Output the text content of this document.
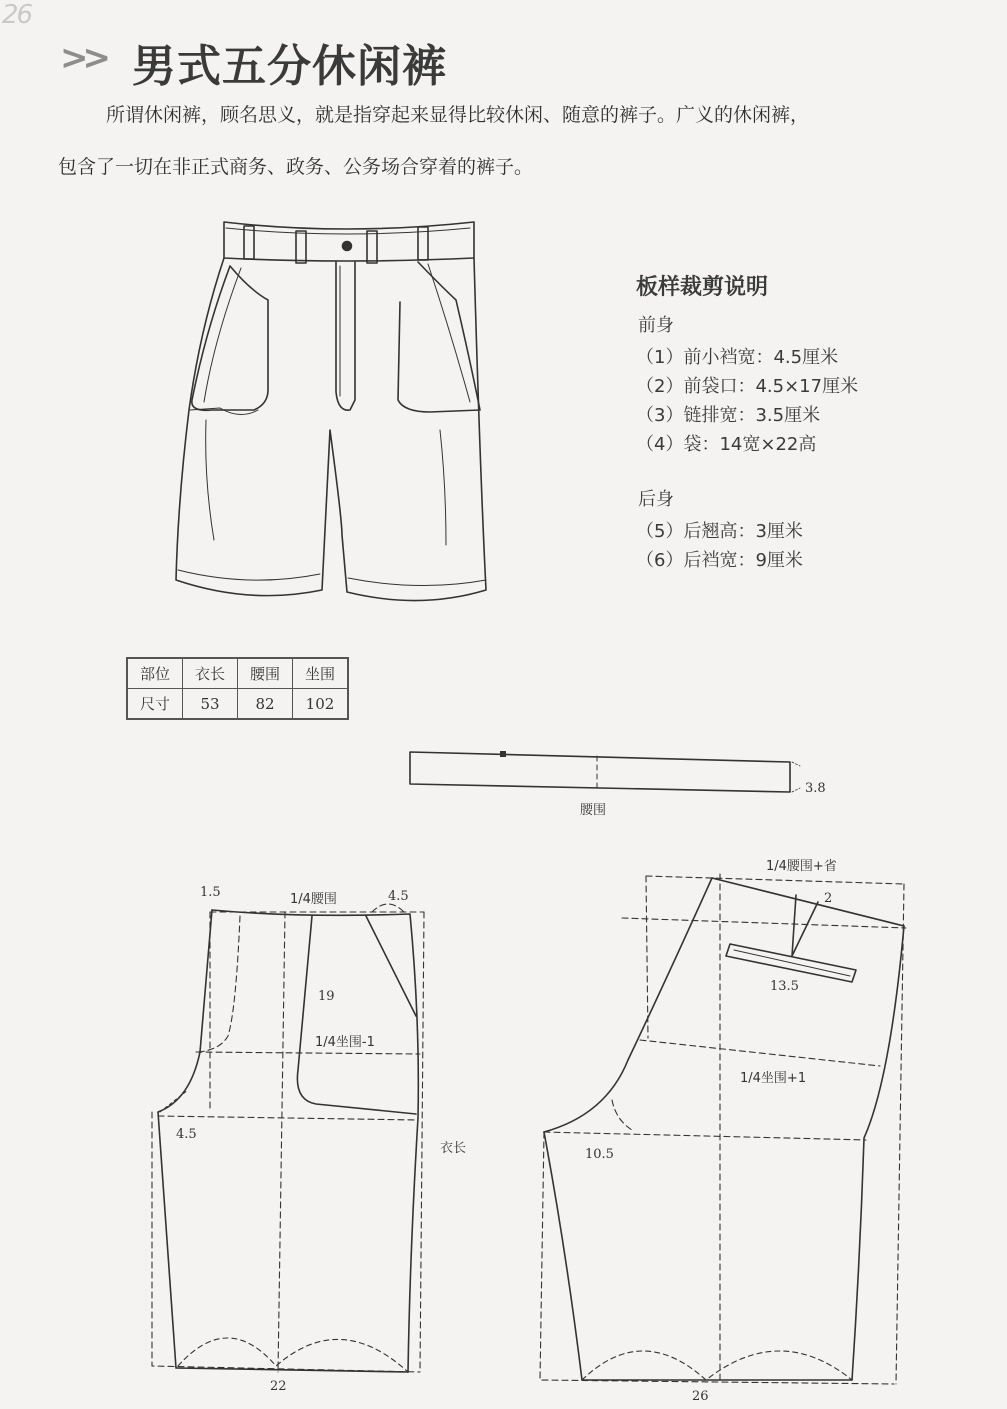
26
>> 男式五分休闲裤
所谓休闲裤，顾名思义，就是指穿起来显得比较休闲、随意的裤子。广义的休闲裤，
包含了一切在非正式商务、政务、公务场合穿着的裤子。
板样裁剪说明
前身
（1）前小裆宽：4.5厘米
（2）前袋口：4.5×17厘米
（3）链排宽：3.5厘米
（4）袋：14宽×22高
后身
（5）后翘高：3厘米
（6）后裆宽：9厘米
部位	衣长	腰围	坐围
尺寸	53	82	102
3.8
腰围
1.5	1/4腰围	4.5
19
1/4坐围-1
4.5
衣长
22
1/4腰围+省
2
13.5
1/4坐围+1
10.5
26
